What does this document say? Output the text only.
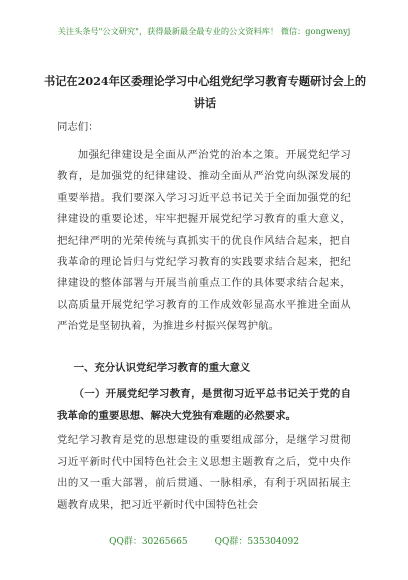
关注头条号"公文研究"，获得最新最全最专业的公文资料库！ 微信：gongwenyj
书记在2024年区委理论学习中心组党纪学习教育专题研讨会上的讲话
同志们：
加强纪律建设是全面从严治党的治本之策。开展党纪学习教育，是加强党的纪律建设、推动全面从严治党向纵深发展的重要举措。我们要深入学习习近平总书记关于全面加强党的纪律建设的重要论述，牢牢把握开展党纪学习教育的重大意义，把纪律严明的光荣传统与真抓实干的优良作风结合起来，把自我革命的理论旨归与党纪学习教育的实践要求结合起来，把纪律建设的整体部署与开展当前重点工作的具体要求结合起来，以高质量开展党纪学习教育的工作成效彰显高水平推进全面从严治党是坚韧执着，为推进乡村振兴保驾护航。
一、充分认识党纪学习教育的重大意义
（一）开展党纪学习教育，是贯彻习近平总书记关于党的自我革命的重要思想、解决大党独有难题的必然要求。
党纪学习教育是党的思想建设的重要组成部分，是继学习贯彻习近平新时代中国特色社会主义思想主题教育之后，党中央作出的又一重大部署，前后贯通、一脉相承，有利于巩固拓展主题教育成果，把习近平新时代中国特色社会
QQ群：30265665　　　QQ群：535304092
